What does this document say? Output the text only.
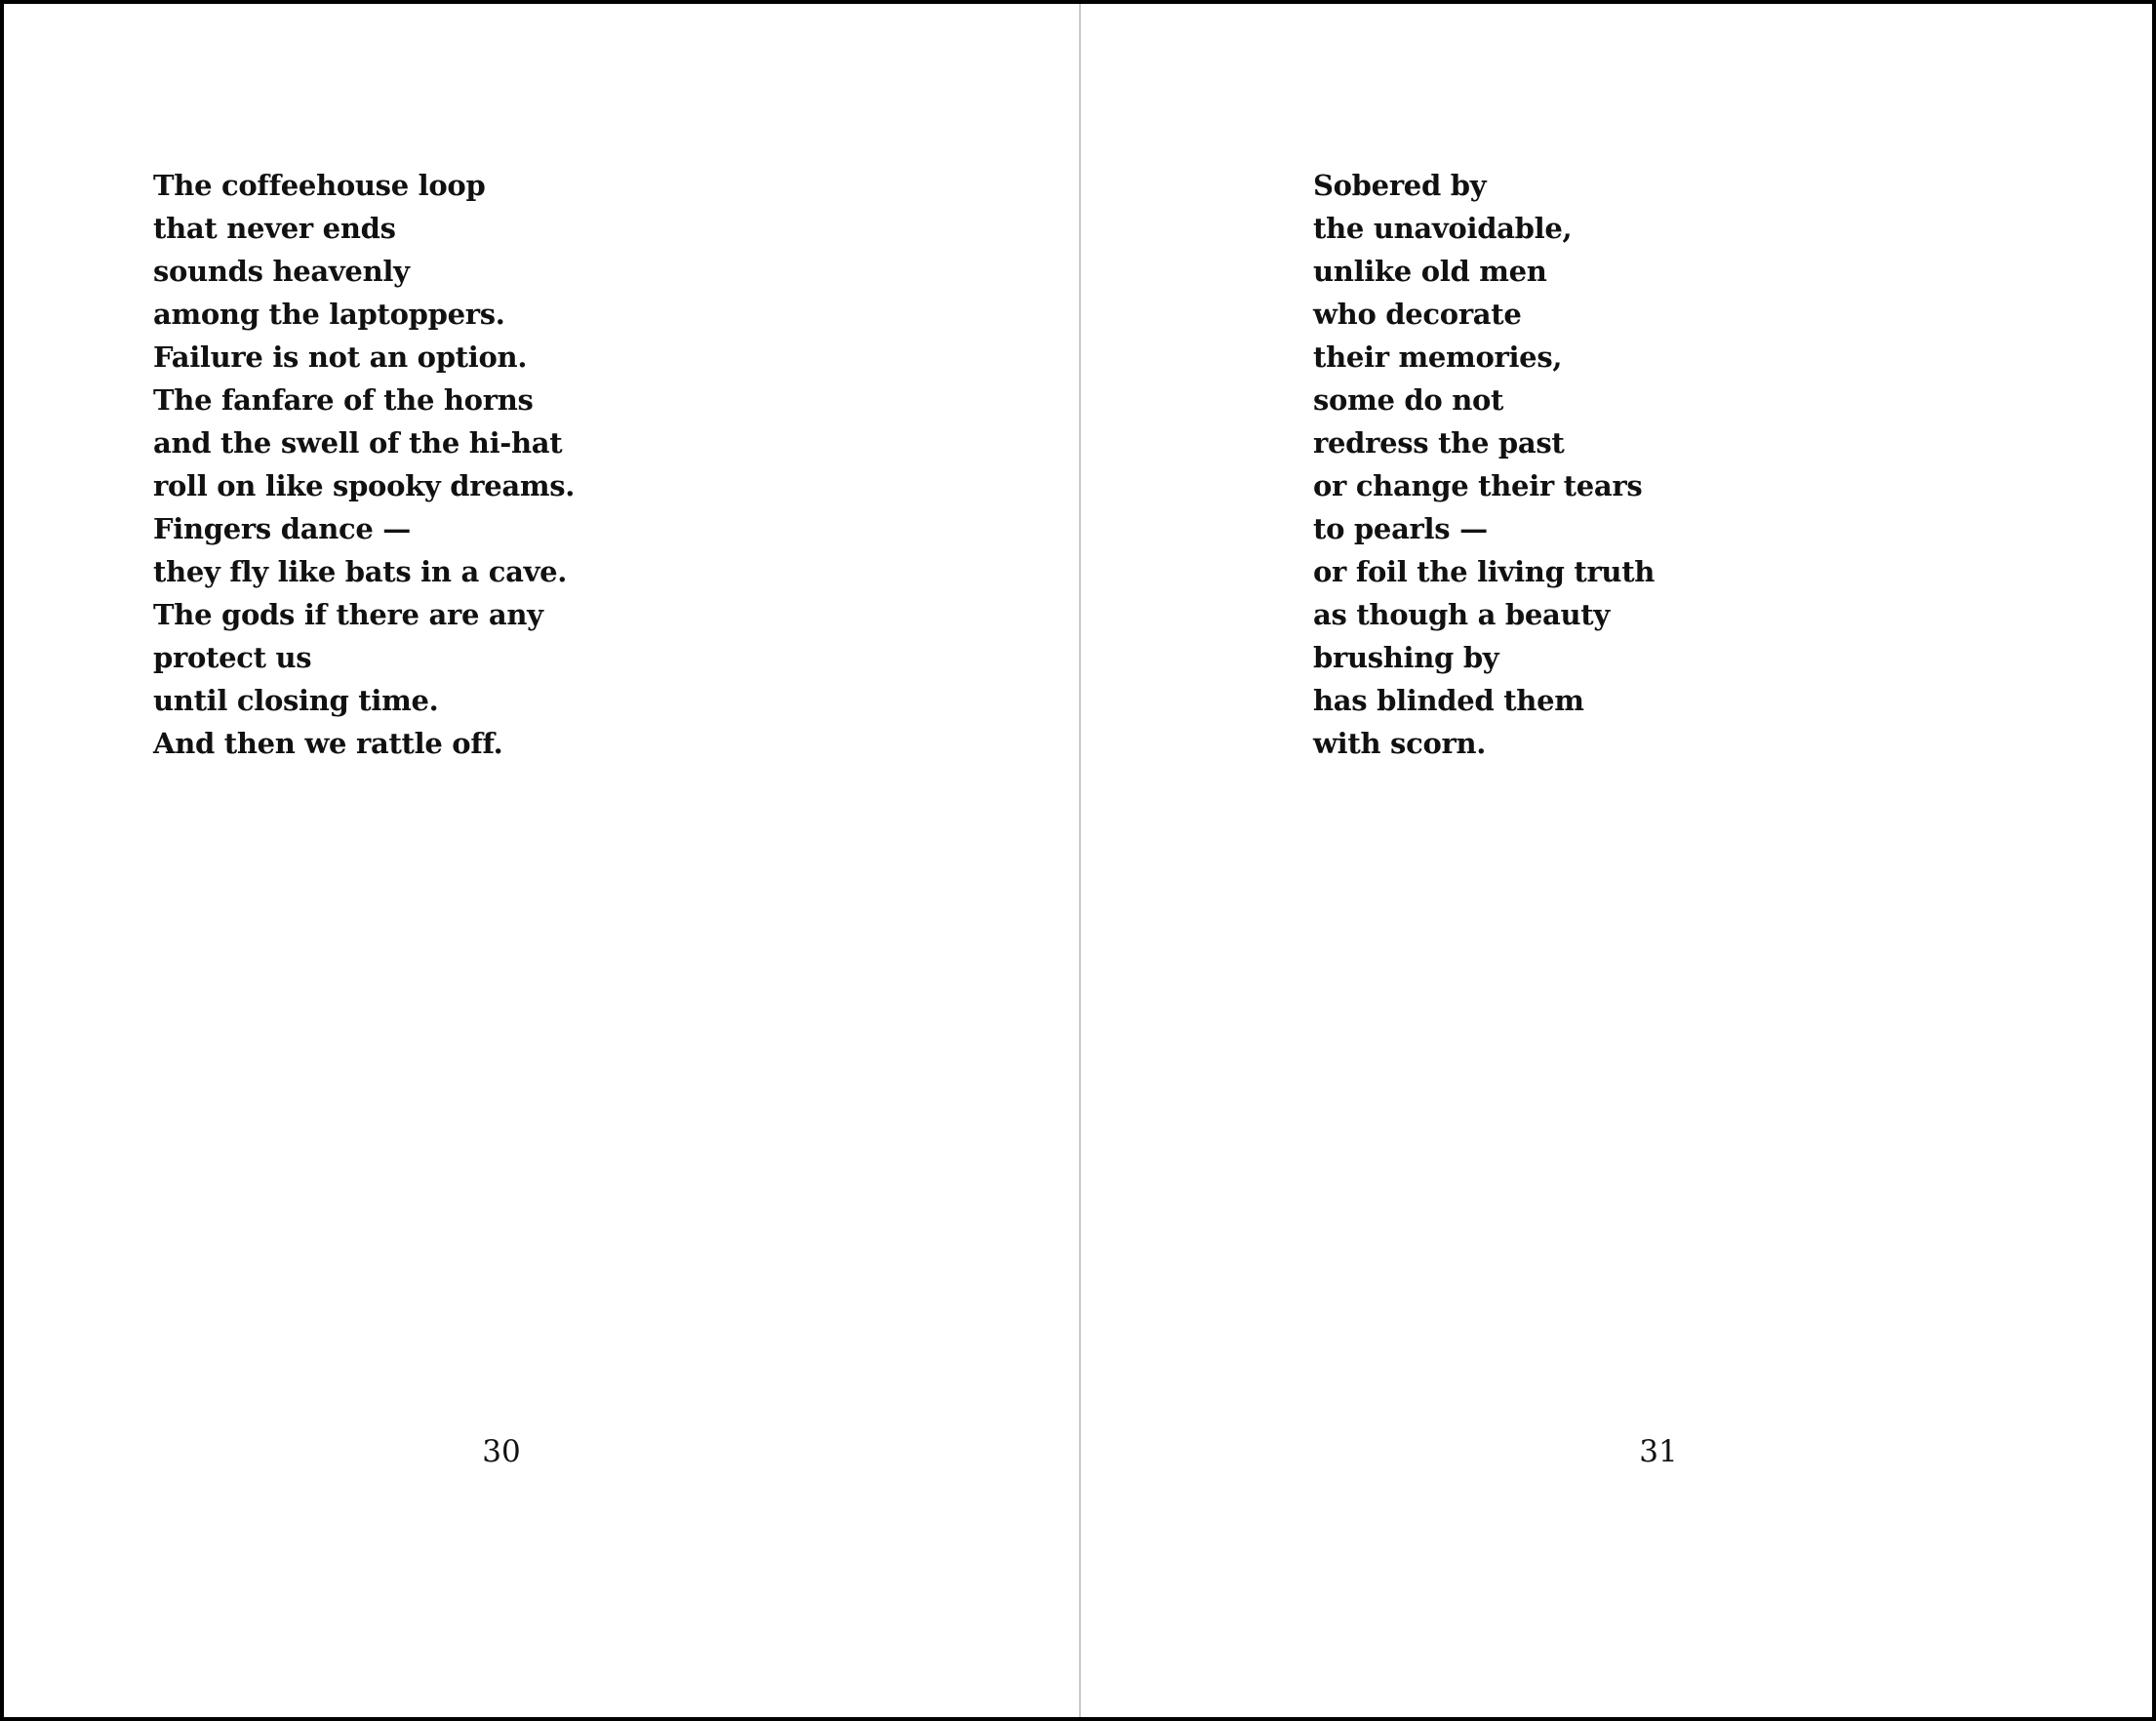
The coffeehouse loop
that never ends
sounds heavenly
among the laptoppers.
Failure is not an option.
The fanfare of the horns
and the swell of the hi-hat
roll on like spooky dreams.
Fingers dance —
they fly like bats in a cave.
The gods if there are any
protect us
until closing time.
And then we rattle off.
30
Sobered by
the unavoidable,
unlike old men
who decorate
their memories,
some do not
redress the past
or change their tears
to pearls —
or foil the living truth
as though a beauty
brushing by
has blinded them
with scorn.
31
